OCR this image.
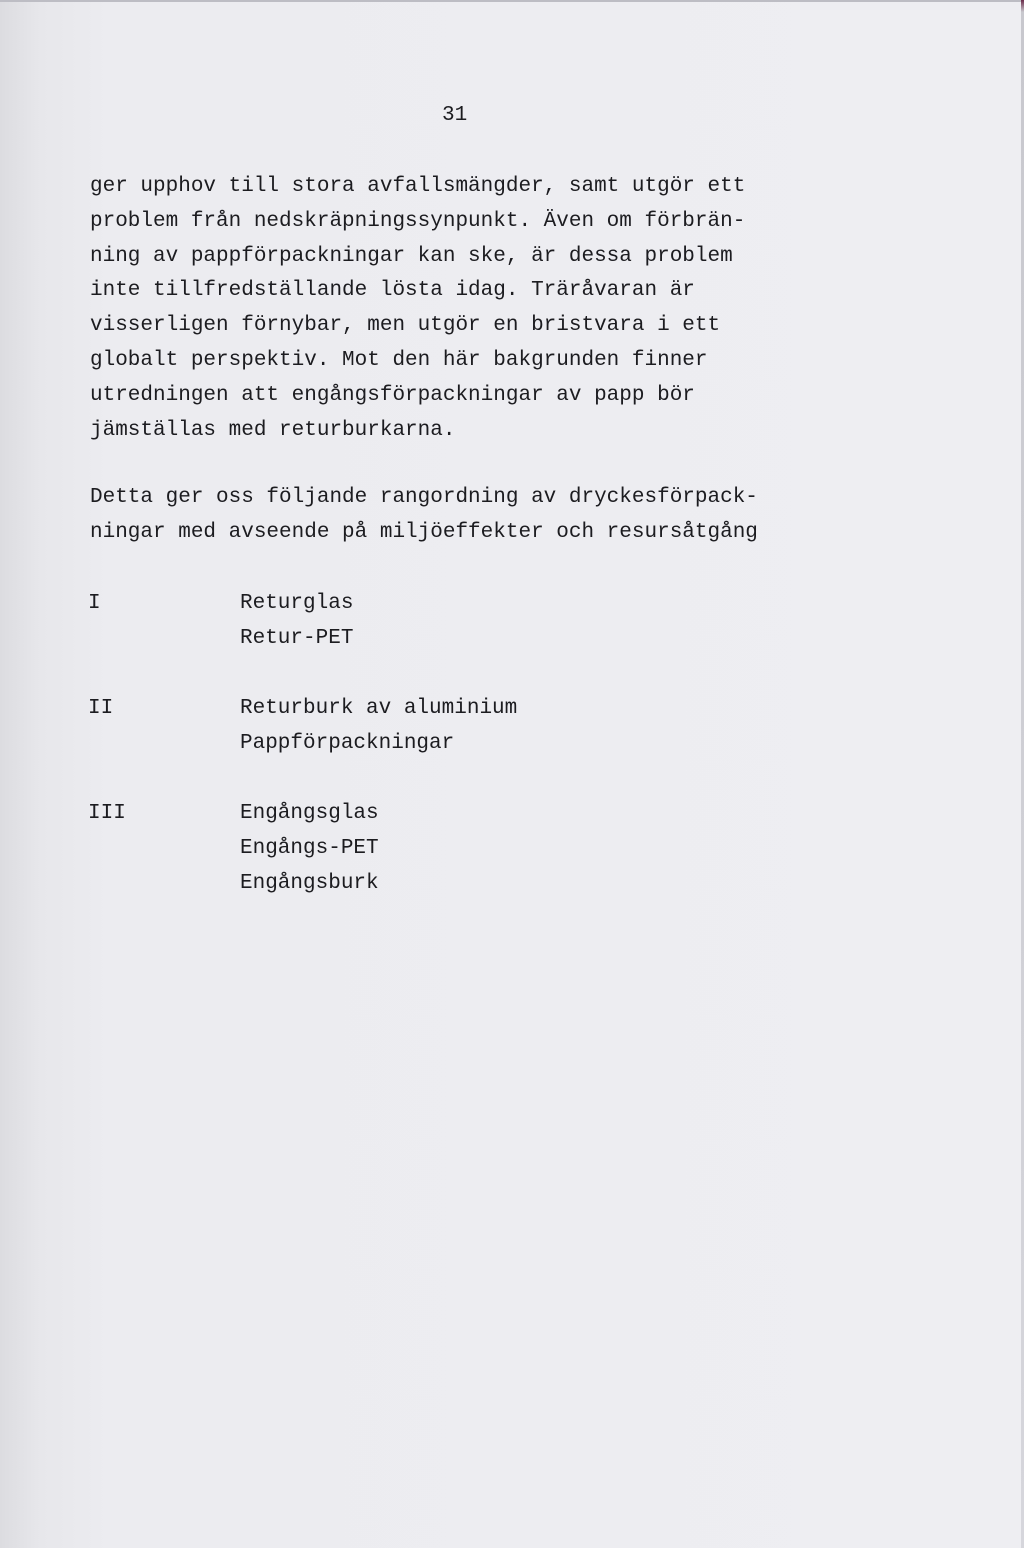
31

ger upphov till stora avfallsmängder, samt utgör ett
problem från nedskräpningssynpunkt. Även om förbrän-
ning av pappförpackningar kan ske, är dessa problem
inte tillfredställande lösta idag. Träråvaran är
visserligen förnybar, men utgör en bristvara i ett
globalt perspektiv. Mot den här bakgrunden finner
utredningen att engångsförpackningar av papp bör
jämställas med returburkarna.

Detta ger oss följande rangordning av dryckesförpack-
ningar med avseende på miljöeffekter och resursåtgång

I	Returglas
Retur-PET
II	Returburk av aluminium
Pappförpackningar
III	Engångsglas
Engångs-PET
Engångsburk
